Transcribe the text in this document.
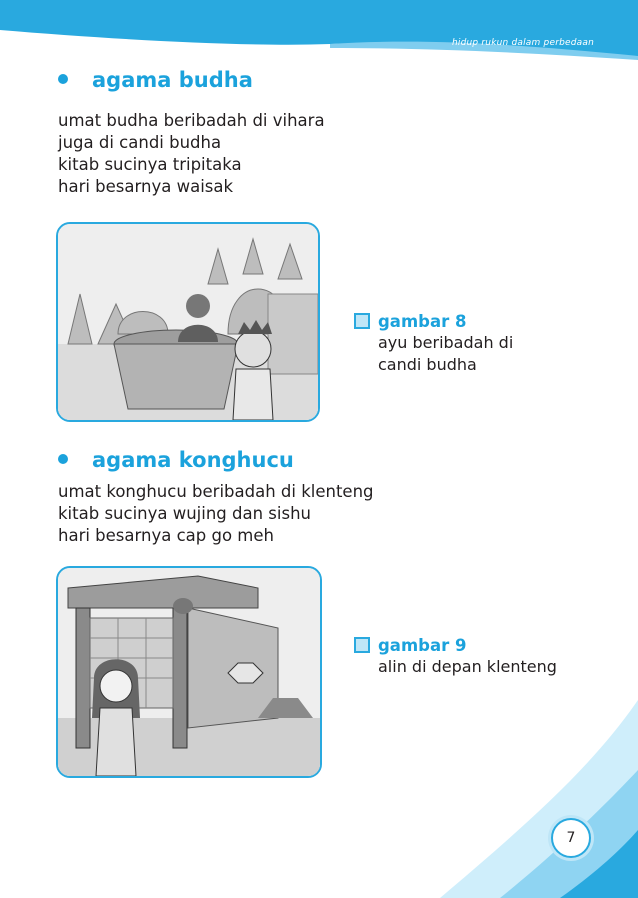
hidup rukun dalam perbedaan
agama budha
umat budha beribadah di vihara
juga di candi budha
kitab sucinya tripitaka
hari besarnya waisak
gambar 8
ayu beribadah di
candi budha
agama konghucu
umat konghucu beribadah di klenteng
kitab sucinya wujing dan sishu
hari besarnya cap go meh
gambar 9
alin di depan klenteng
7
